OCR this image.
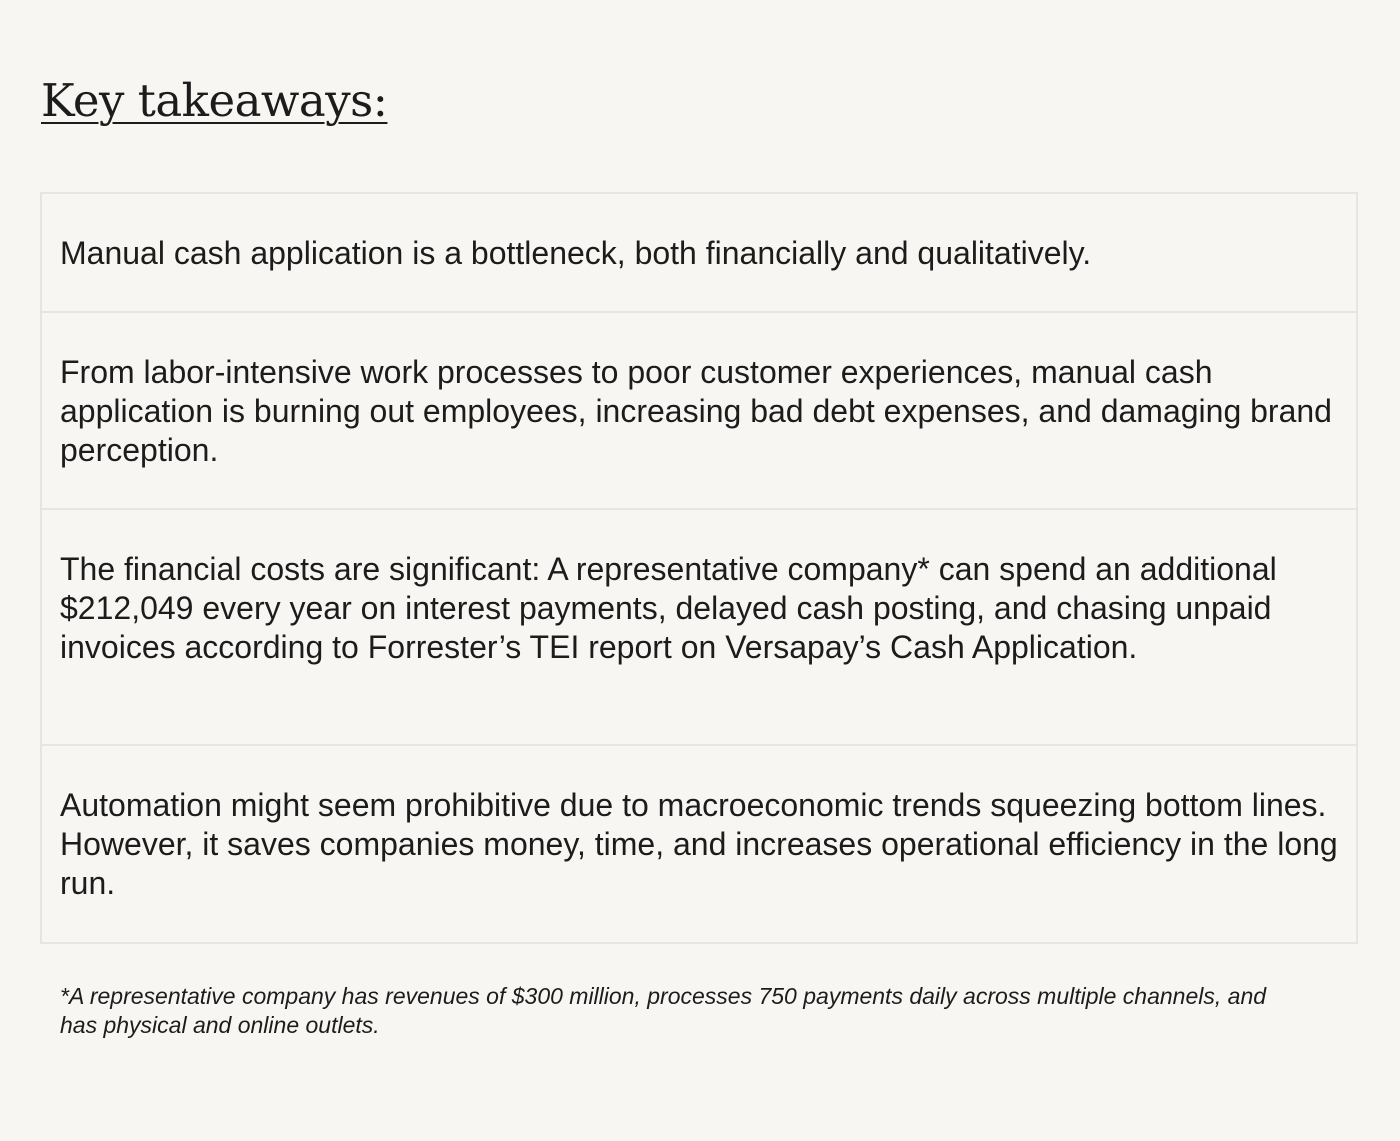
Key takeaways:
Manual cash application is a bottleneck, both financially and qualitatively.
From labor-intensive work processes to poor customer experiences, manual cash application is burning out employees, increasing bad debt expenses, and damaging brand perception.
The financial costs are significant: A representative company* can spend an additional $212,049 every year on interest payments, delayed cash posting, and chasing unpaid invoices according to Forrester’s TEI report on Versapay’s Cash Application.
Automation might seem prohibitive due to macroeconomic trends squeezing bottom lines. However, it saves companies money, time, and increases operational efficiency in the long run.

*A representative company has revenues of $300 million, processes 750 payments daily across multiple channels, and has physical and online outlets.
